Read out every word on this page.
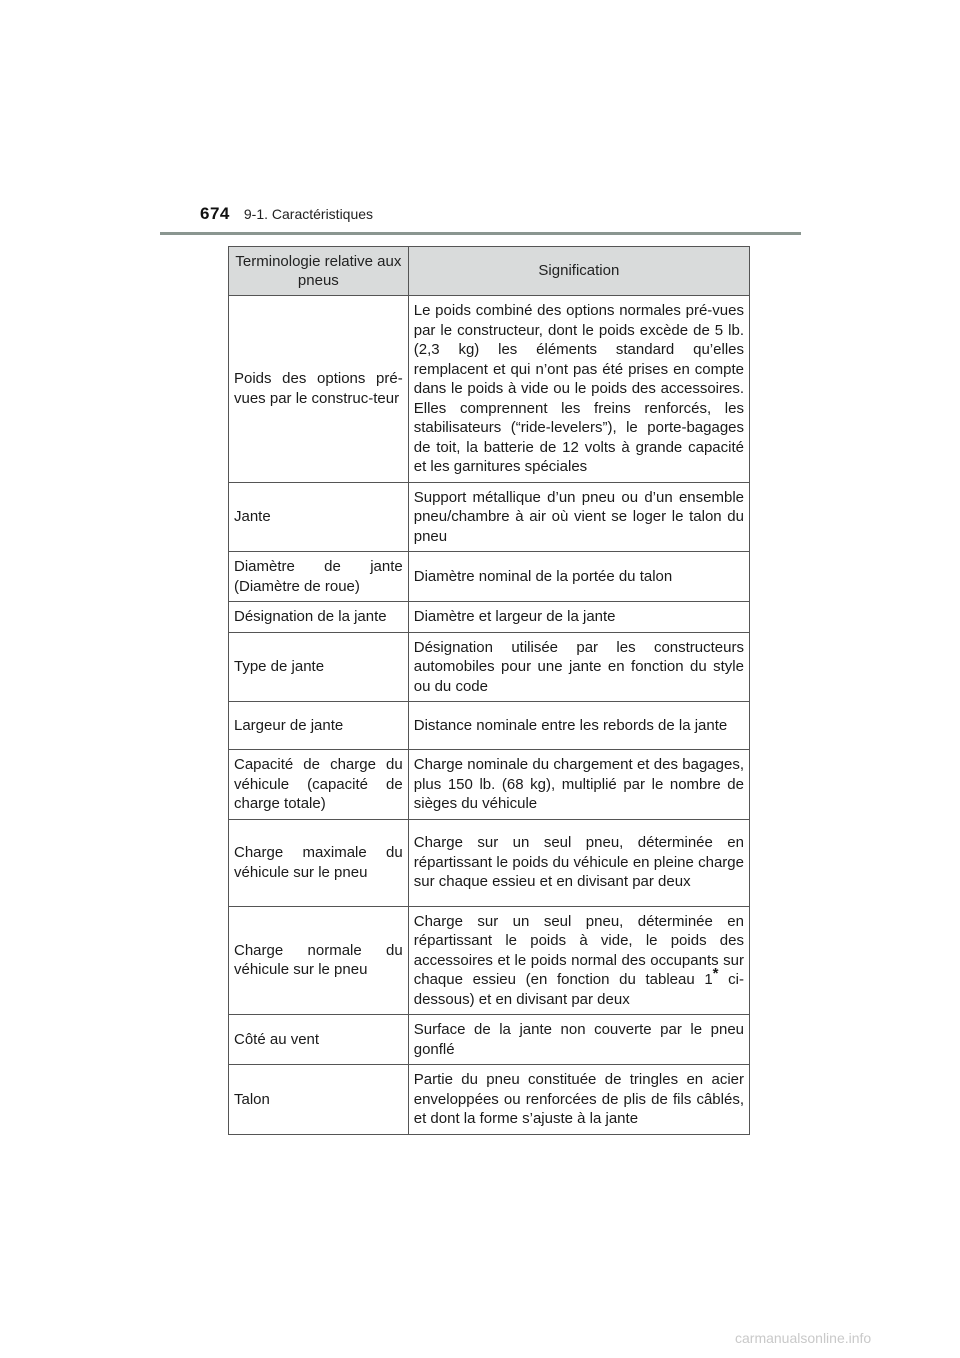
674 9-1. Caractéristiques
Terminologie relative aux pneus	Signification
Poids des options pré-vues par le construc-teur	Le poids combiné des options normales pré-vues par le constructeur, dont le poids excède de 5 lb. (2,3 kg) les éléments standard qu’elles remplacent et qui n’ont pas été prises en compte dans le poids à vide ou le poids des accessoires. Elles comprennent les freins renforcés, les stabilisateurs (“ride-levelers”), le porte-bagages de toit, la batterie de 12 volts à grande capacité et les garnitures spéciales
Jante	Support métallique d’un pneu ou d’un ensemble pneu/chambre à air où vient se loger le talon du pneu
Diamètre de jante (Diamètre de roue)	Diamètre nominal de la portée du talon
Désignation de la jante	Diamètre et largeur de la jante
Type de jante	Désignation utilisée par les constructeurs automobiles pour une jante en fonction du style ou du code
Largeur de jante	Distance nominale entre les rebords de la jante
Capacité de charge du véhicule (capacité de charge totale)	Charge nominale du chargement et des bagages, plus 150 lb. (68 kg), multiplié par le nombre de sièges du véhicule
Charge maximale du véhicule sur le pneu	Charge sur un seul pneu, déterminée en répartissant le poids du véhicule en pleine charge sur chaque essieu et en divisant par deux
Charge normale du véhicule sur le pneu	Charge sur un seul pneu, déterminée en répartissant le poids à vide, le poids des accessoires et le poids normal des occupants sur chaque essieu (en fonction du tableau 1* ci-dessous) et en divisant par deux
Côté au vent	Surface de la jante non couverte par le pneu gonflé
Talon	Partie du pneu constituée de tringles en acier enveloppées ou renforcées de plis de fils câblés, et dont la forme s’ajuste à la jante
carmanualsonline.info
